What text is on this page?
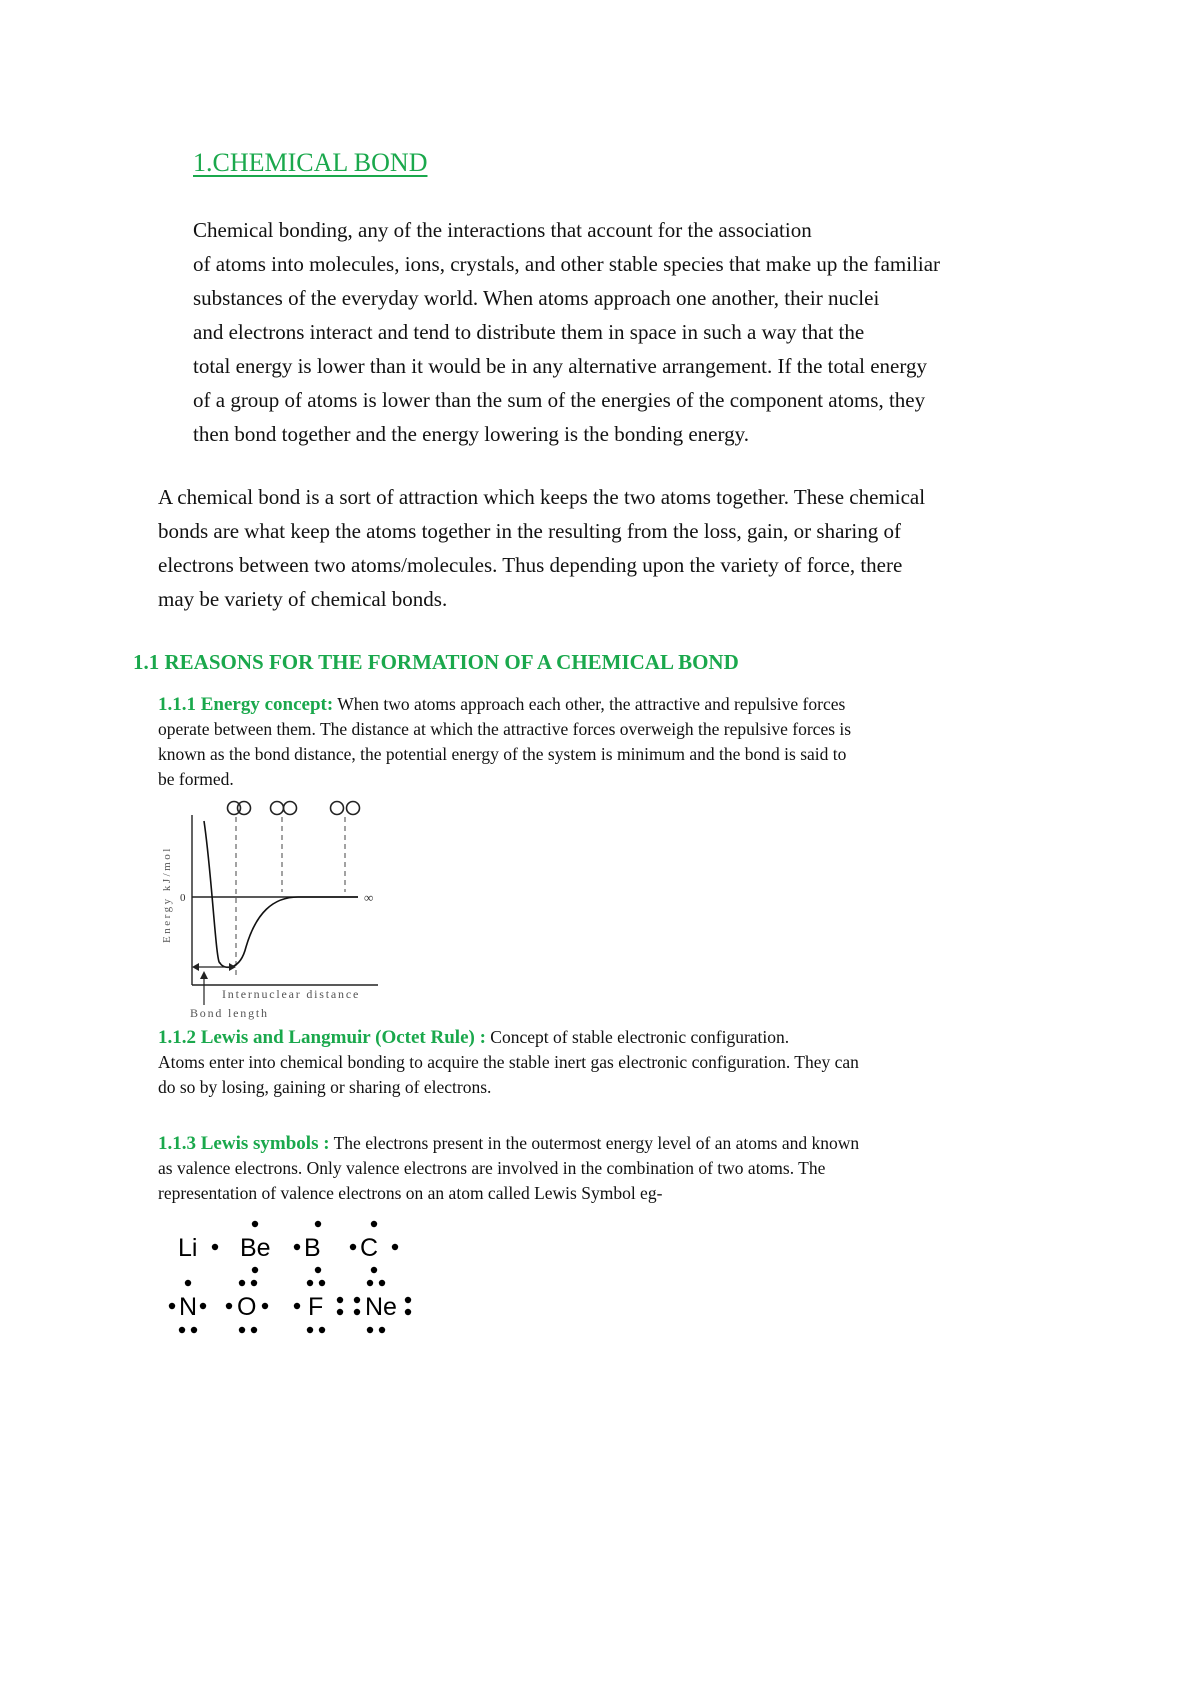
1.CHEMICAL BOND

Chemical bonding, any of the interactions that account for the association
of atoms into molecules, ions, crystals, and other stable species that make up the familiar
substances of the everyday world. When atoms approach one another, their nuclei
and electrons interact and tend to distribute them in space in such a way that the
total energy is lower than it would be in any alternative arrangement. If the total energy
of a group of atoms is lower than the sum of the energies of the component atoms, they
then bond together and the energy lowering is the bonding energy.

A chemical bond is a sort of attraction which keeps the two atoms together. These chemical
bonds are what keep the atoms together in the resulting from the loss, gain, or sharing of
electrons between two atoms/molecules. Thus depending upon the variety of force, there
may be variety of chemical bonds.

1.1 REASONS FOR THE FORMATION OF A CHEMICAL BOND
1.1.1 Energy concept: When two atoms approach each other, the attractive and repulsive forces
operate between them. The distance at which the attractive forces overweigh the repulsive forces is
known as the bond distance, the potential energy of the system is minimum and the bond is said to
be formed.
0	∞
Energy kJ/mol
Internuclear distance
Bond length
1.1.2 Lewis and Langmuir (Octet Rule) : Concept of stable electronic configuration.
Atoms enter into chemical bonding to acquire the stable inert gas electronic configuration. They can
do so by losing, gaining or sharing of electrons.
1.1.3 Lewis symbols : The electrons present in the outermost energy level of an atoms and known
as valence electrons. Only valence electrons are involved in the combination of two atoms. The
representation of valence electrons on an atom called Lewis Symbol eg-
Li Be B C
N O F Ne
